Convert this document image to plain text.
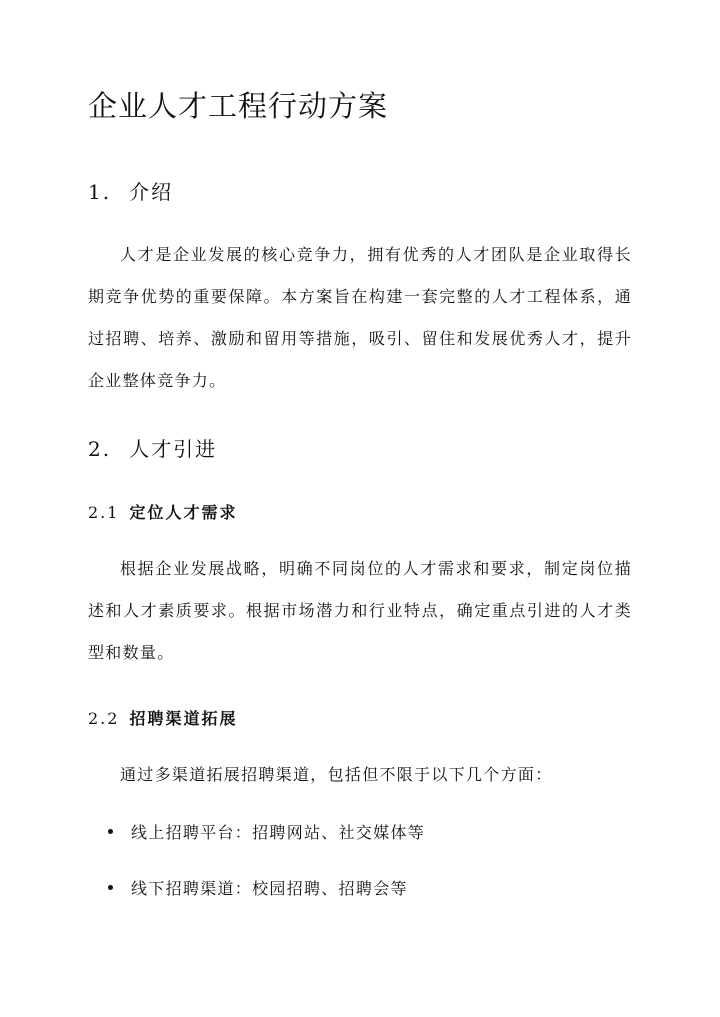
企业人才工程行动方案
1. 介绍

人才是企业发展的核心竞争力，拥有优秀的人才团队是企业取得长期竞争优势的重要保障。本方案旨在构建一套完整的人才工程体系，通过招聘、培养、激励和留用等措施，吸引、留住和发展优秀人才，提升企业整体竞争力。

2. 人才引进
2.1 定位人才需求

根据企业发展战略，明确不同岗位的人才需求和要求，制定岗位描述和人才素质要求。根据市场潜力和行业特点，确定重点引进的人才类型和数量。

2.2 招聘渠道拓展

通过多渠道拓展招聘渠道，包括但不限于以下几个方面：

线上招聘平台：招聘网站、社交媒体等

线下招聘渠道：校园招聘、招聘会等
